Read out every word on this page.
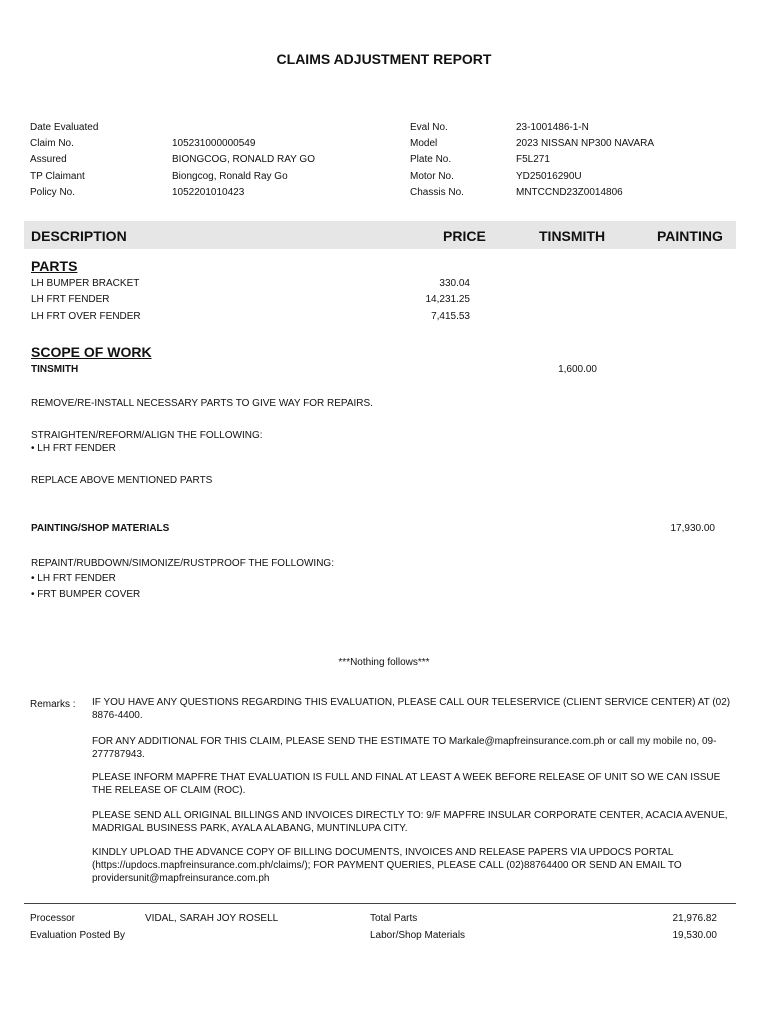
CLAIMS ADJUSTMENT REPORT
Date Evaluated
Claim No.	105231000000549
Assured	BIONGCOG, RONALD RAY GO
TP Claimant	Biongcog, Ronald Ray Go
Policy No.	1052201010423
Eval No.	23-1001486-1-N
Model	2023 NISSAN NP300 NAVARA
Plate No.	F5L271
Motor No.	YD25016290U
Chassis No.	MNTCCND23Z0014806
DESCRIPTION	PRICE	TINSMITH	PAINTING
PARTS
LH BUMPER BRACKET	330.04
LH FRT FENDER	14,231.25
LH FRT OVER FENDER	7,415.53
SCOPE OF WORK
TINSMITH	1,600.00
REMOVE/RE-INSTALL NECESSARY PARTS TO GIVE WAY FOR REPAIRS.
STRAIGHTEN/REFORM/ALIGN THE FOLLOWING:
• LH FRT FENDER
REPLACE ABOVE MENTIONED PARTS
PAINTING/SHOP MATERIALS	17,930.00
REPAINT/RUBDOWN/SIMONIZE/RUSTPROOF THE FOLLOWING:
• LH FRT FENDER
• FRT BUMPER COVER
***Nothing follows***
Remarks : IF YOU HAVE ANY QUESTIONS REGARDING THIS EVALUATION, PLEASE CALL OUR TELESERVICE (CLIENT SERVICE CENTER) AT (02) 8876-4400.
FOR ANY ADDITIONAL FOR THIS CLAIM, PLEASE SEND THE ESTIMATE TO Markale@mapfreinsurance.com.ph or call my mobile no, 09-277787943.
PLEASE INFORM MAPFRE THAT EVALUATION IS FULL AND FINAL AT LEAST A WEEK BEFORE RELEASE OF UNIT SO WE CAN ISSUE THE RELEASE OF CLAIM (ROC).
PLEASE SEND ALL ORIGINAL BILLINGS AND INVOICES DIRECTLY TO: 9/F MAPFRE INSULAR CORPORATE CENTER, ACACIA AVENUE, MADRIGAL BUSINESS PARK, AYALA ALABANG, MUNTINLUPA CITY.
KINDLY UPLOAD THE ADVANCE COPY OF BILLING DOCUMENTS, INVOICES AND RELEASE PAPERS VIA UPDOCS PORTAL (https://updocs.mapfreinsurance.com.ph/claims/); FOR PAYMENT QUERIES, PLEASE CALL (02)88764400 OR SEND AN EMAIL TO providersunit@mapfreinsurance.com.ph
Processor	VIDAL, SARAH JOY ROSELL
Evaluation Posted By
Total Parts	21,976.82
Labor/Shop Materials	19,530.00
